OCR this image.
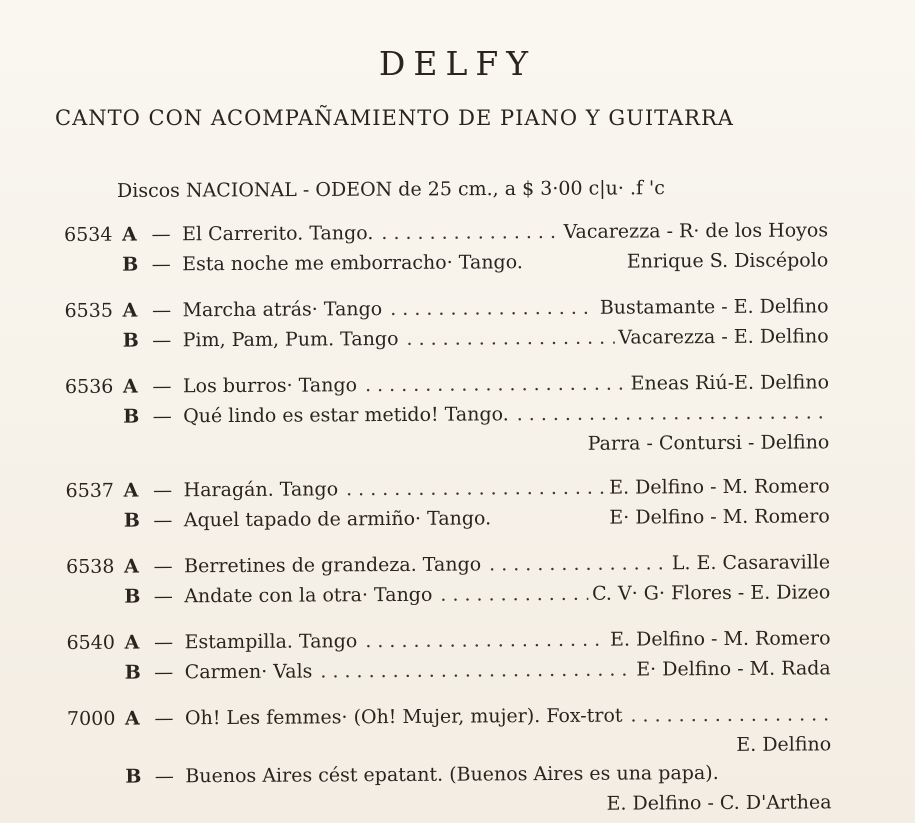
DELFY
CANTO CON ACOMPAÑAMIENTO DE PIANO Y GUITARRA
Discos NACIONAL - ODEON de 25 cm., a $ 3·00 c|u· .f 'c
6534 A — El Carrerito. Tango. .....	Vacarezza - R· de los Hoyos
B — Esta noche me emborracho· Tango.	Enrique S. Discépolo
6535 A — Marcha atrás· Tango .....	Bustamante - E. Delfino
B — Pim, Pam, Pum. Tango .....	Vacarezza - E. Delfino
6536 A — Los burros· Tango .....	Eneas Riú-E. Delfino
B — Qué lindo es estar metido! Tango.
.....
Parra - Contursi - Delfino
6537 A — Haragán. Tango .....	E. Delfino - M. Romero
B — Aquel tapado de armiño· Tango.	E· Delfino - M. Romero
6538 A — Berretines de grandeza. Tango .....	L. E. Casaraville
B — Andate con la otra· Tango .....	C. V· G· Flores - E. Dizeo
6540 A — Estampilla. Tango .....	E. Delfino - M. Romero
B — Carmen· Vals .....	E· Delfino - M. Rada
7000 A — Oh! Les femmes· (Oh! Mujer, mujer). Fox-trot
.....
E. Delfino
B — Buenos Aires cést epatant. (Buenos Aires es una papa).
E. Delfino - C. D'Arthea
